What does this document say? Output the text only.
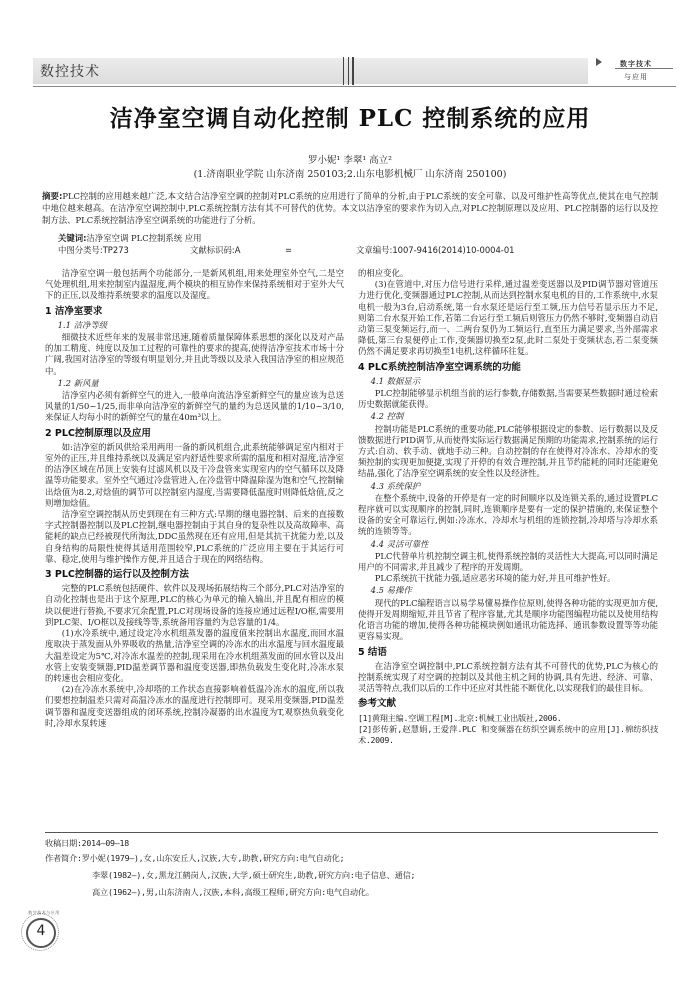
数控技术
数字技术
与应用
洁净室空调自动化控制 PLC 控制系统的应用
罗小妮¹ 李翠¹ 高立²
(1.济南职业学院 山东济南 250103;2.山东电影机械厂 山东济南 250100)
摘要:PLC控制的应用越来越广泛,本文结合洁净室空调的控制对PLC系统的应用进行了简单的分析,由于PLC系统的安全可靠、以及可维护性高等优点,使其在电气控制中地位越来越高。在洁净室空调控制中,PLC系统控制方法有其不可替代的优势。本文以洁净室的要求作为切入点,对PLC控制原理以及应用、PLC控制器的运行以及控制方法、PLC系统控制洁净室空调系统的功能进行了分析。
关键词:洁净室空调 PLC控制系统 应用
中图分类号:TP273	文献标识码:A	=	文章编号:1007-9416(2014)10-0004-01

洁净室空调一般包括两个功能部分,一是新风机组,用来处理室外空气,二是空气处理机组,用来控制室内温湿度,两个模块的相互协作来保持系统相对于室外大气下的正压,以及维持系统要求的温度以及湿度。

1 洁净室要求
1.1 洁净等级

细微技术近些年来的发展非常迅速,随着质量保障体系思想的深化以及对产品的加工精度、纯度以及加工过程的可靠性的要求的提高,使得洁净室技术市场十分广阔,我国对洁净室的等级有明显划分,并且此等级以及录入我国洁净室的相应规范中。

1.2 新风量

洁净室内必须有新鲜空气的进入,一般单向流洁净室新鲜空气的量应该为总送风量的1/50~1/25,而非单向洁净室的新鲜空气的量约为总送风量的1/10~3/10,来保证人均每小时的新鲜空气的量在40m³以上。

2 PLC控制原理以及应用

如:洁净室的新风供给采用两用一备的新风机组合,此系统能够调足室内相对于室外的正压,并且维持系统以及满足室内舒适性要求所需的温度和相对湿度,洁净室的洁净区域在吊顶上安装有过滤风机以及干冷盘管来实现室内的空气循环以及降温等功能要求。室外空气通过冷盘管进入,在冷盘管中降温除湿为饱和空气,控制输出焓值为8.2,对焓值的调节可以控制室内湿度,当需要降低温度时则降低焓值,反之则增加焓值。

洁净室空调控制从历史到现在有三种方式:早期的继电器控制、后来的直接数字式控制器控制以及PLC控制,继电器控制由于其自身的复杂性以及高故障率、高能耗的缺点已经被现代所淘汰,DDC虽然现在还有应用,但是其抗干扰能力差,以及自身结构的局限性使得其适用范围较窄,PLC系统的广泛应用主要在于其运行可靠、稳定,使用与维护操作方便,并且适合于现在的网络结构。

3 PLC控制器的运行以及控制方法

完整的PLC系统包括硬件、软件以及现场拓展结构三个部分,PLC对洁净室的自动化控制也是出于这个原理,PLC的核心为单元的输入输出,并且配有相应的模块以便进行替换,不要求冗余配置,PLC对现场设备的连接应通过远程I/O框,需要用到PLC架、I/O框以及接线等等,系统备用容量约为总容量的1/4。

(1)水冷系统中,通过设定冷水机组蒸发器的温度值来控制出水温度,而回水温度取决于蒸发面从外界吸收的热量,洁净室空调的冷冻水的出水温度与回水温度最大温差设定为5℃,对冷冻水温差的控制,现采用在冷水机组蒸发面的回水管以及出水管上安装变频器,PID温差调节器和温度变送器,即热负载发生变化时,冷冻水泵的转速也会相应变化。

(2)在冷冻水系统中,冷却塔的工作状态直接影响着低温冷冻水的温度,所以我们要想控制温差只需对高温冷冻水的温度进行控制即可。现采用变频器,PID温差调节器和温度变送器组成的闭环系统,控制冷凝器的出水温度为T,观察热负载变化时,冷却水泵转速

的相应变化。

(3)在管道中,对压力信号进行采样,通过温差变送器以及PID调节器对管道压力进行优化,变频器通过PLC控制,从而达到控制水泵电机的目的,工作系统中,水泵电机一般为3台,启动系统,第一台水泵还是运行至工频,压力信号若显示压力不足,则第二台水泵开始工作,若第二台运行至工频后则管压力仍然不够时,变频器自动启动第三泵变频运行,而一、二两台泵仍为工频运行,直至压力满足要求,当外部需求降低,第三台泵便停止工作,变频器切换至2泵,此时二泵处于变频状态,若二泵变频仍然不满足要求再切换至1电机,这样循环往复。

4 PLC系统控制洁净室空调系统的功能
4.1 数据显示

PLC控制能够显示机组当前的运行参数,存储数据,当需要某些数据时通过检索历史数据就能获得。

4.2 控制

控制功能是PLC系统的重要功能,PLC能够根据设定的参数、运行数据以及反馈数据进行PID调节,从而使得实际运行数据满足预期的功能需求,控制系统的运行方式:自动、软手动、就地手动三种。自动控制的存在使得对冷冻水、冷却水的变频控制的实现更加便捷,实现了开停的有效合理控制,并且节约能耗的同时还能避免结晶,强化了洁净室空调系统的安全性以及经济性。

4.3 系统保护

在整个系统中,设备的开停是有一定的时间顺序以及连锁关系的,通过设置PLC程序就可以实现顺序的控制,同时,连锁顺序是要有一定的保护措施的,来保证整个设备的安全可靠运行,例如:冷冻水、冷却水与机组的连锁控制,冷却塔与冷却水系统的连锁等等。

4.4 灵活可靠性

PLC代替单片机控制空调主机,使得系统控制的灵活性大大提高,可以同时满足用户的不同需求,并且减少了程序的开发周期。

PLC系统抗干扰能力强,适应恶劣环境的能力好,并且可维护性好。

4.5 易操作

现代的PLC编程语言以易学易懂易操作位原则,使得各种功能的实现更加方便,使得开发周期缩短,并且节省了程序容量,尤其是顺序功能图编程功能以及使用结构化语言功能的增加,使得各种功能模块例如通讯功能选择、通讯参数设置等等功能更容易实现。

5 结语

在洁净室空调控制中,PLC系统控制方法有其不可替代的优势,PLC为核心的控制系统实现了对空调的控制以及其他主机之间的协调,具有先进、经济、可靠、灵活等特点,我们以后的工作中还应对其性能不断优化,以实现我们的最佳目标。

参考文献

[1]黄翔主编.空调工程[M].北京:机械工业出版社,2006.

[2]彭传新,赵慧娟,王爱萍.PLC 和变频器在纺织空调系统中的应用[J].棉纺织技术.2009.

收稿日期:2014—09—18
作者简介:罗小妮(1979—),女,山东安丘人,汉族,大专,助教,研究方向:电气自动化;
李翠(1982—),女,黑龙江鹤岗人,汉族,大学,硕士研究生,助教,研究方向:电子信息、通信;
高立(1962—),男,山东济南人,汉族,本科,高级工程师,研究方向:电气自动化。
数字技术与应用
4
